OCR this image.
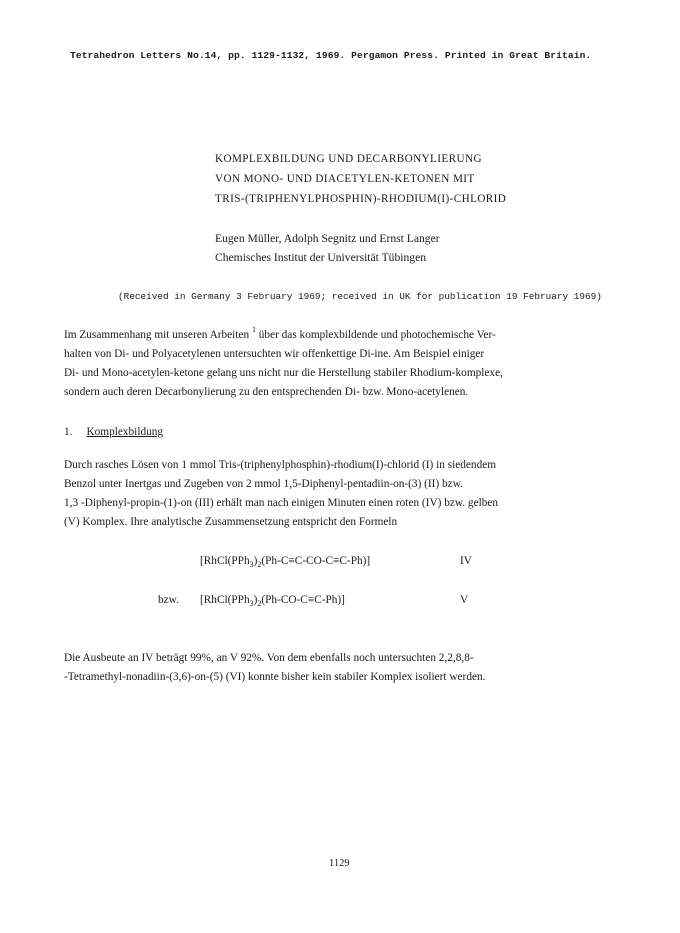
Tetrahedron Letters No.14, pp. 1129-1132, 1969. Pergamon Press. Printed in Great Britain.
KOMPLEXBILDUNG UND DECARBONYLIERUNG
VON MONO- UND DIACETYLEN-KETONEN MIT
TRIS-(TRIPHENYLPHOSPHIN)-RHODIUM(I)-CHLORID
Eugen Müller, Adolph Segnitz und Ernst Langer
Chemisches Institut der Universität Tübingen
(Received in Germany 3 February 1969; received in UK for publication 19 February 1969)
Im Zusammenhang mit unseren Arbeiten $^1$ über das komplexbildende und photochemische Ver-
halten von Di- und Polyacetylenen untersuchten wir offenkettige Di-ine. Am Beispiel einiger
Di- und Mono-acetylen-ketone gelang uns nicht nur die Herstellung stabiler Rhodium-komplexe,
sondern auch deren Decarbonylierung zu den entsprechenden Di- bzw. Mono-acetylenen.
1. Komplexbildung
Durch rasches Lösen von 1 mmol Tris-(triphenylphosphin)-rhodium(I)-chlorid (I) in siedendem
Benzol unter Inertgas und Zugeben von 2 mmol 1,5-Diphenyl-pentadiin-on-(3) (II) bzw.
1,3 -Diphenyl-propin-(1)-on (III) erhält man nach einigen Minuten einen roten (IV) bzw. gelben
(V) Komplex. Ihre analytische Zusammensetzung entspricht den Formeln
$[RhCl(PPh_3)_2(Ph-C\equiv C-CO-C\equiv C-Ph)]$	IV
bzw. $[RhCl(PPh_3)_2(Ph-CO-C\equiv C-Ph)]$	V
Die Ausbeute an IV beträgt 99%, an V 92%. Von dem ebenfalls noch untersuchten 2,2,8,8-
-Tetramethyl-nonadiin-(3,6)-on-(5) (VI) konnte bisher kein stabiler Komplex isoliert werden.
1129
